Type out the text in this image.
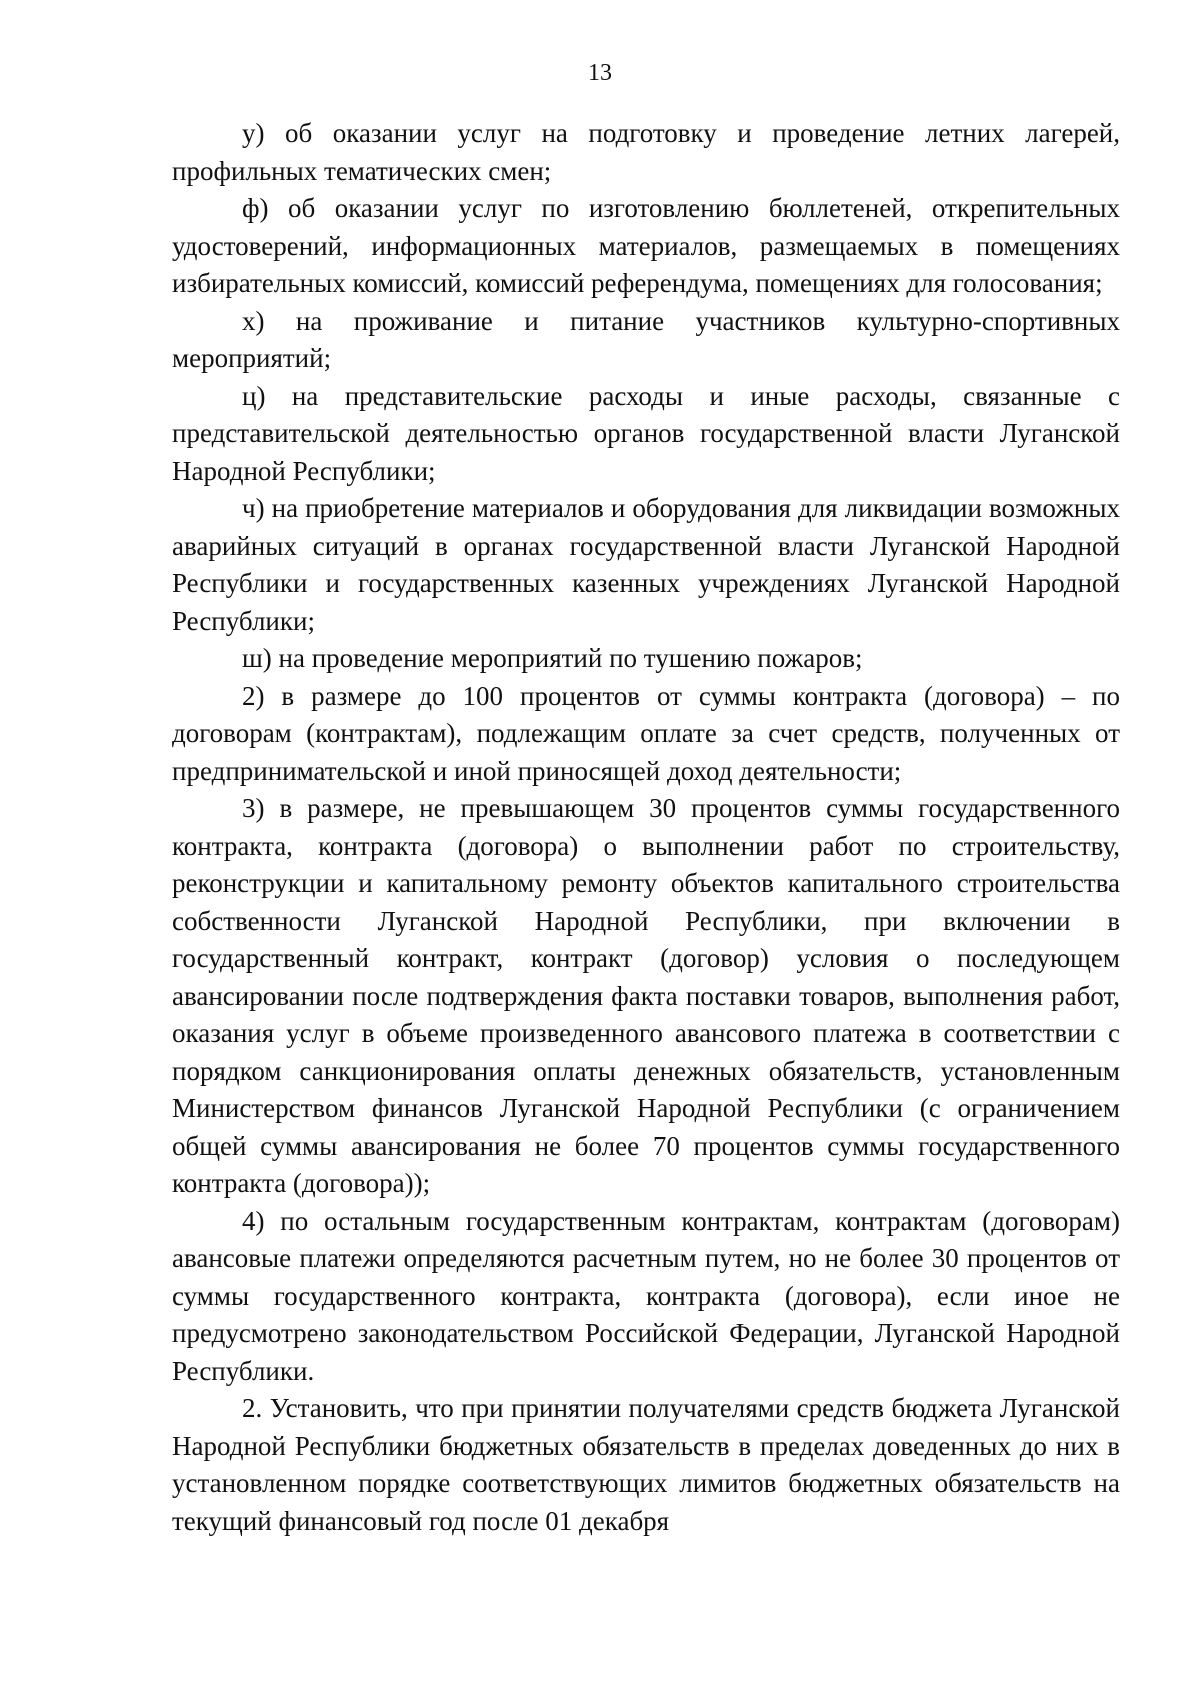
13

у) об оказании услуг на подготовку и проведение летних лагерей, профильных тематических смен;

ф) об оказании услуг по изготовлению бюллетеней, открепительных удостоверений, информационных материалов, размещаемых в помещениях избирательных комиссий, комиссий референдума, помещениях для голосования;

х) на проживание и питание участников культурно-спортивных мероприятий;

ц) на представительские расходы и иные расходы, связанные с представительской деятельностью органов государственной власти Луганской Народной Республики;

ч) на приобретение материалов и оборудования для ликвидации возможных аварийных ситуаций в органах государственной власти Луганской Народной Республики и государственных казенных учреждениях Луганской Народной Республики;

ш) на проведение мероприятий по тушению пожаров;

2) в размере до 100 процентов от суммы контракта (договора) – по договорам (контрактам), подлежащим оплате за счет средств, полученных от предпринимательской и иной приносящей доход деятельности;

3) в размере, не превышающем 30 процентов суммы государственного контракта, контракта (договора) о выполнении работ по строительству, реконструкции и капитальному ремонту объектов капитального строительства собственности Луганской Народной Республики, при включении в государственный контракт, контракт (договор) условия о последующем авансировании после подтверждения факта поставки товаров, выполнения работ, оказания услуг в объеме произведенного авансового платежа в соответствии с порядком санкционирования оплаты денежных обязательств, установленным Министерством финансов Луганской Народной Республики (с ограничением общей суммы авансирования не более 70 процентов суммы государственного контракта (договора));

4) по остальным государственным контрактам, контрактам (договорам) авансовые платежи определяются расчетным путем, но не более 30 процентов от суммы государственного контракта, контракта (договора), если иное не предусмотрено законодательством Российской Федерации, Луганской Народной Республики.

2. Установить, что при принятии получателями средств бюджета Луганской Народной Республики бюджетных обязательств в пределах доведенных до них в установленном порядке соответствующих лимитов бюджетных обязательств на текущий финансовый год после 01 декабря
